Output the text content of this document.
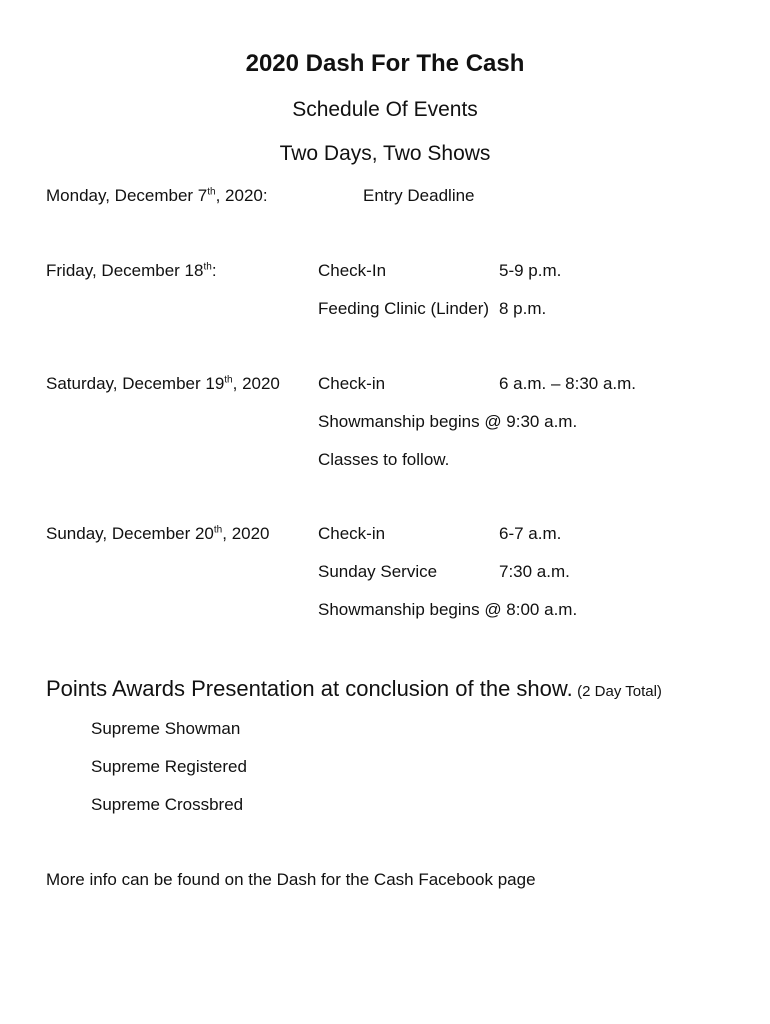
2020 Dash For The Cash
Schedule Of Events
Two Days, Two Shows
Monday, December 7th, 2020:	Entry Deadline
Friday, December 18th:	Check-In	5-9 p.m.
Feeding Clinic (Linder) 8 p.m.
Saturday, December 19th, 2020 Check-in	6 a.m. – 8:30 a.m.
Showmanship begins @ 9:30 a.m.
Classes to follow.
Sunday, December 20th, 2020	Check-in	6-7 a.m.
Sunday Service	7:30 a.m.
Showmanship begins @ 8:00 a.m.
Points Awards Presentation at conclusion of the show. (2 Day Total)
Supreme Showman
Supreme Registered
Supreme Crossbred
More info can be found on the Dash for the Cash Facebook page
